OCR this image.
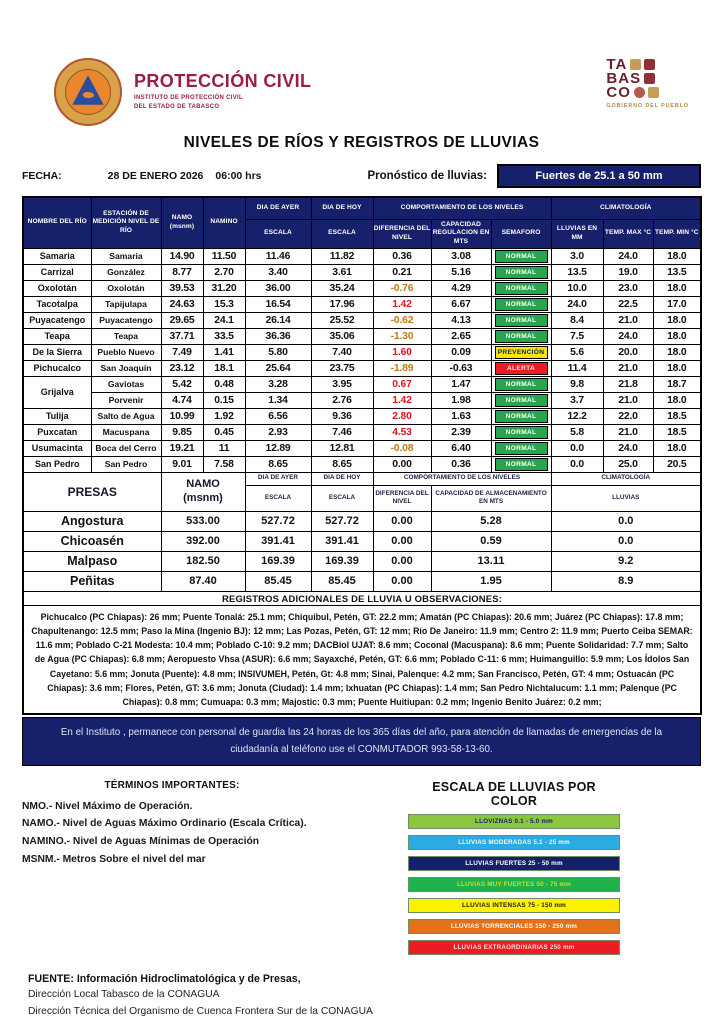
PROTECCIÓN CIVIL
INSTITUTO DE PROTECCIÓN CIVIL
DEL ESTADO DE TABASCO
TA
BAS
CO
GOBIERNO DEL PUEBLO
NIVELES DE RÍOS Y REGISTROS DE LLUVIAS
FECHA:	28 DE ENERO 2026 06:00 hrs	Pronóstico de lluvias:	Fuertes de 25.1 a 50 mm
NOMBRE DEL RÍO	ESTACIÓN DE MEDICIÓN NIVEL DE RÍO	NAMO
(msnm)	NAMINO	DIA DE AYER	DIA DE HOY	COMPORTAMIENTO DE LOS NIVELES			CLIMATOLOGÍA		
				ESCALA	ESCALA	DIFERENCIA DEL NIVEL	CAPACIDAD REGULACION EN MTS	SEMAFORO	LLUVIAS EN MM	TEMP. MAX °C	TEMP. MIN °C
Samaria	Samaria	14.90	11.50	11.46	11.82	0.36	3.08	NORMAL	3.0	24.0	18.0
Carrizal	González	8.77	2.70	3.40	3.61	0.21	5.16	NORMAL	13.5	19.0	13.5
Oxolotán	Oxolotán	39.53	31.20	36.00	35.24	-0.76	4.29	NORMAL	10.0	23.0	18.0
Tacotalpa	Tapijulapa	24.63	15.3	16.54	17.96	1.42	6.67	NORMAL	24.0	22.5	17.0
Puyacatengo	Puyacatengo	29.65	24.1	26.14	25.52	-0.62	4.13	NORMAL	8.4	21.0	18.0
Teapa	Teapa	37.71	33.5	36.36	35.06	-1.30	2.65	NORMAL	7.5	24.0	18.0
De la Sierra	Pueblo Nuevo	7.49	1.41	5.80	7.40	1.60	0.09	PREVENCIÓN	5.6	20.0	18.0
Pichucalco	San Joaquín	23.12	18.1	25.64	23.75	-1.89	-0.63	ALERTA	11.4	21.0	18.0
Grijalva	Gaviotas	5.42	0.48	3.28	3.95	0.67	1.47	NORMAL	9.8	21.8	18.7
	Porvenir	4.74	0.15	1.34	2.76	1.42	1.98	NORMAL	3.7	21.0	18.0
Tulija	Salto de Agua	10.99	1.92	6.56	9.36	2.80	1.63	NORMAL	12.2	22.0	18.5
Puxcatan	Macuspana	9.85	0.45	2.93	7.46	4.53	2.39	NORMAL	5.8	21.0	18.5
Usumacinta	Boca del Cerro	19.21	11	12.89	12.81	-0.08	6.40	NORMAL	0.0	24.0	18.0
San Pedro	San Pedro	9.01	7.58	8.65	8.65	0.00	0.36	NORMAL	0.0	25.0	20.5
PRESAS		NAMO
(msnm)		DIA DE AYER	DIA DE HOY	COMPORTAMIENTO DE LOS NIVELES			CLIMATOLOGÍA		
				ESCALA	ESCALA	DIFERENCIA DEL NIVEL	CAPACIDAD DE ALMACENAMIENTO EN MTS		LLUVIAS		
Angostura		533.00		527.72	527.72	0.00	5.28		0.0		
Chicoasén		392.00		391.41	391.41	0.00	0.59		0.0		
Malpaso		182.50		169.39	169.39	0.00	13.11		9.2		
Peñitas		87.40		85.45	85.45	0.00	1.95		8.9		
REGISTROS ADICIONALES DE LLUVIA U OBSERVACIONES:											
Pichucalco (PC Chiapas): 26 mm; Puente Tonalá: 25.1 mm; Chiquibul, Petén, GT: 22.2 mm; Amatán (PC Chiapas): 20.6 mm; Juárez (PC Chiapas): 17.8 mm; Chapultenango: 12.5 mm; Paso la Mina (Ingenio BJ): 12 mm; Las Pozas, Petén, GT: 12 mm; Río De Janeiro: 11.9 mm; Centro 2: 11.9 mm; Puerto Ceiba SEMAR: 11.6 mm; Poblado C-21 Modesta: 10.4 mm; Poblado C-10: 9.2 mm; DACBiol UJAT: 8.6 mm; Coconal (Macuspana): 8.6 mm; Puente Solidaridad: 7.7 mm; Salto de Agua (PC Chiapas): 6.8 mm; Aeropuesto Vhsa (ASUR): 6.6 mm; Sayaxché, Petén, GT: 6.6 mm; Poblado C-11: 6 mm; Huimanguillo: 5.9 mm; Los Ídolos San Cayetano: 5.6 mm; Jonuta (Puente): 4.8 mm; INSIVUMEH, Petén, Gt: 4.8 mm; Sinai, Palenque: 4.2 mm; San Francisco, Petén, GT: 4 mm; Ostuacán (PC Chiapas): 3.6 mm; Flores, Petén, GT: 3.6 mm; Jonuta (Ciudad): 1.4 mm; Ixhuatan (PC Chiapas): 1.4 mm; San Pedro Nichtalucum: 1.1 mm; Palenque (PC Chiapas): 0.8 mm; Cumuapa: 0.3 mm; Majostic: 0.3 mm; Puente Huitiupan: 0.2 mm; Ingenio Benito Juárez: 0.2 mm;											
En el Instituto , permanece con personal de guardia las 24 horas de los 365 días del año, para atención de llamadas de emergencias de la ciudadanía al teléfono use el CONMUTADOR 993-58-13-60.
TÉRMINOS IMPORTANTES:
NMO.- Nivel Máximo de Operación.
NAMO.- Nivel de Aguas Máximo Ordinario (Escala Crítica).
NAMINO.- Nivel de Aguas Mínimas de Operación
MSNM.- Metros Sobre el nivel del mar
ESCALA DE LLUVIAS POR COLOR
LLOVIZNAS 0.1 - 5.0 mm
LLUVIAS MODERADAS 5.1 - 25 mm
LLUVIAS FUERTES 25 - 50 mm
LLUVIAS MUY FUERTES 50 - 75 mm
LLUVIAS INTENSAS 75 - 150 mm
LLUVIAS TORRENCIALES 150 - 250 mm
LLUVIAS EXTRAORDINARIAS 250 mm
FUENTE: Información Hidroclimatológica y de Presas,
Dirección Local Tabasco de la CONAGUA
Dirección Técnica del Organismo de Cuenca Frontera Sur de la CONAGUA
